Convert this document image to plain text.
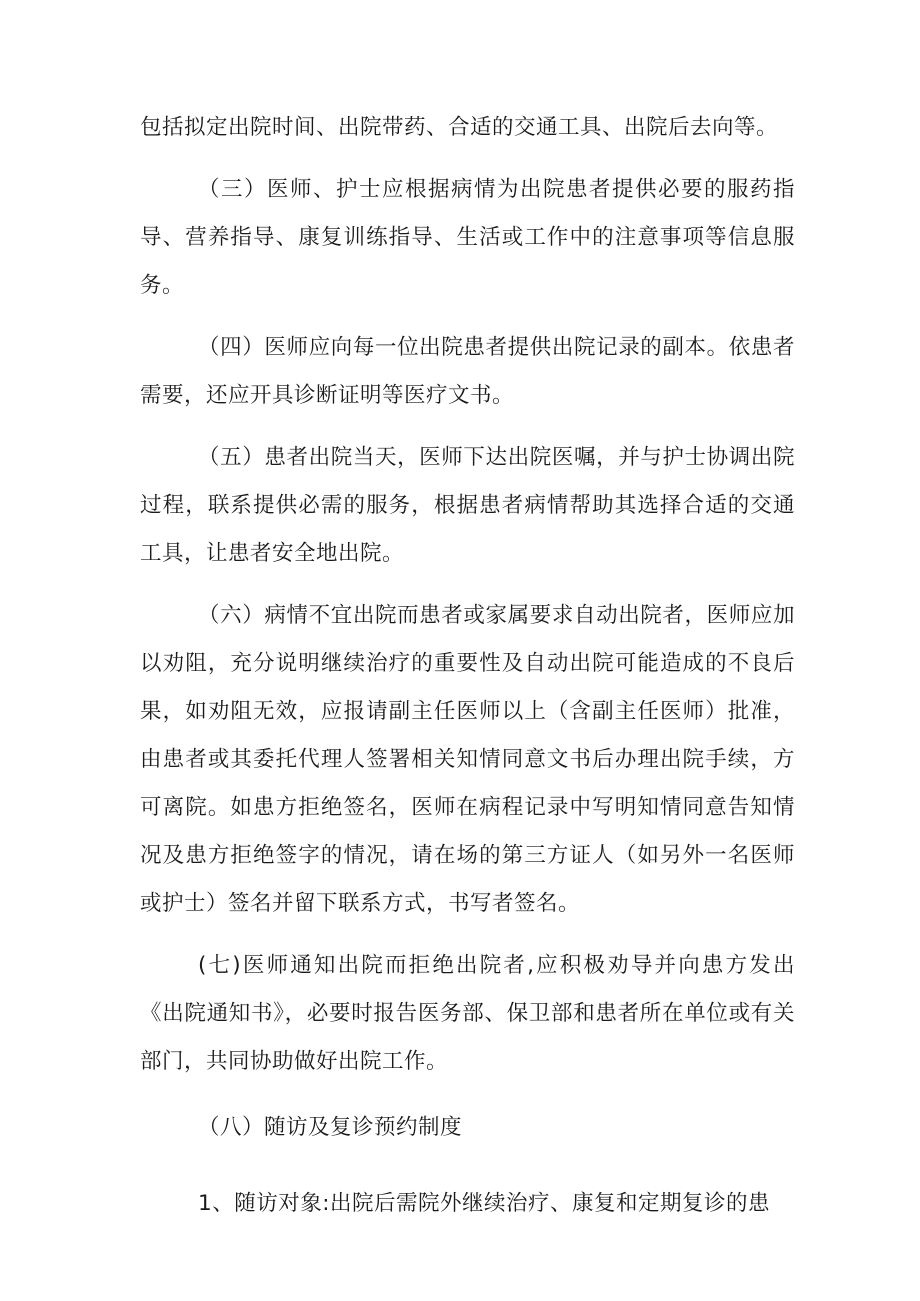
包括拟定出院时间、出院带药、合适的交通工具、出院后去向等。

（三）医师、护士应根据病情为出院患者提供必要的服药指导、营养指导、康复训练指导、生活或工作中的注意事项等信息服务。

（四）医师应向每一位出院患者提供出院记录的副本。依患者需要，还应开具诊断证明等医疗文书。

（五）患者出院当天，医师下达出院医嘱，并与护士协调出院过程，联系提供必需的服务，根据患者病情帮助其选择合适的交通工具，让患者安全地出院。

（六）病情不宜出院而患者或家属要求自动出院者，医师应加以劝阻，充分说明继续治疗的重要性及自动出院可能造成的不良后果，如劝阻无效，应报请副主任医师以上（含副主任医师）批准，由患者或其委托代理人签署相关知情同意文书后办理出院手续，方可离院。如患方拒绝签名，医师在病程记录中写明知情同意告知情况及患方拒绝签字的情况，请在场的第三方证人（如另外一名医师或护士）签名并留下联系方式，书写者签名。

(七)医师通知出院而拒绝出院者,应积极劝导并向患方发出《出院通知书》，必要时报告医务部、保卫部和患者所在单位或有关部门，共同协助做好出院工作。

（八）随访及复诊预约制度

1、随访对象:出院后需院外继续治疗、康复和定期复诊的患
